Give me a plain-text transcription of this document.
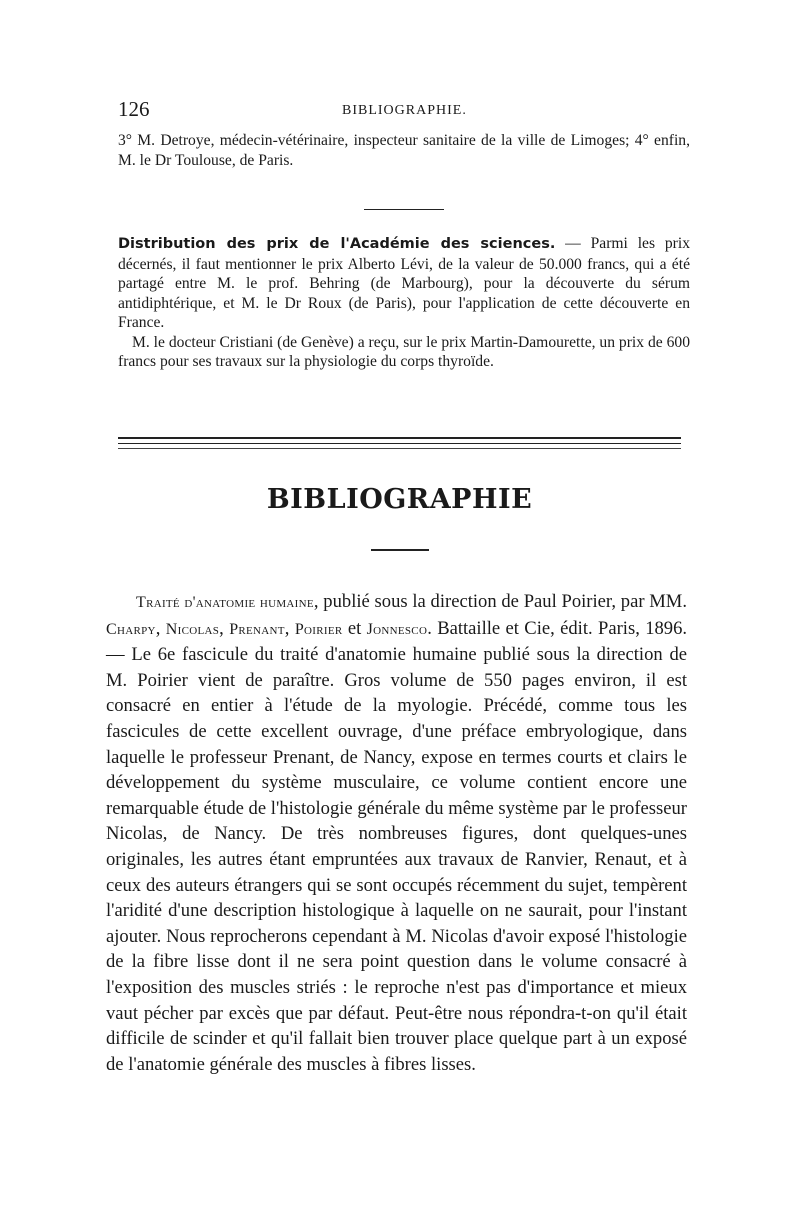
126	BIBLIOGRAPHIE.

3° M. Detroye, médecin-vétérinaire, inspecteur sanitaire de la ville de Limoges; 4° enfin, M. le Dr Toulouse, de Paris.

Distribution des prix de l'Académie des sciences. — Parmi les prix décernés, il faut mentionner le prix Alberto Lévi, de la valeur de 50.000 francs, qui a été partagé entre M. le prof. Behring (de Marbourg), pour la découverte du sérum antidiphtérique, et M. le Dr Roux (de Paris), pour l'application de cette découverte en France.

M. le docteur Cristiani (de Genève) a reçu, sur le prix Martin-Damourette, un prix de 600 francs pour ses travaux sur la physiologie du corps thyroïde.

BIBLIOGRAPHIE

Traité d'anatomie humaine, publié sous la direction de Paul Poirier, par MM. Charpy, Nicolas, Prenant, Poirier et Jonnesco. Battaille et Cie, édit. Paris, 1896. — Le 6e fascicule du traité d'anatomie humaine publié sous la direction de M. Poirier vient de paraître. Gros volume de 550 pages environ, il est consacré en entier à l'étude de la myologie. Précédé, comme tous les fascicules de cette excellent ouvrage, d'une préface embryologique, dans laquelle le professeur Prenant, de Nancy, expose en termes courts et clairs le développement du système musculaire, ce volume contient encore une remarquable étude de l'histologie générale du même système par le professeur Nicolas, de Nancy. De très nombreuses figures, dont quelques-unes originales, les autres étant empruntées aux travaux de Ranvier, Renaut, et à ceux des auteurs étrangers qui se sont occupés récemment du sujet, tempèrent l'aridité d'une description histologique à laquelle on ne saurait, pour l'instant ajouter. Nous reprocherons cependant à M. Nicolas d'avoir exposé l'histologie de la fibre lisse dont il ne sera point question dans le volume consacré à l'exposition des muscles striés : le reproche n'est pas d'importance et mieux vaut pécher par excès que par défaut. Peut-être nous répondra-t-on qu'il était difficile de scinder et qu'il fallait bien trouver place quelque part à un exposé de l'anatomie générale des muscles à fibres lisses.
